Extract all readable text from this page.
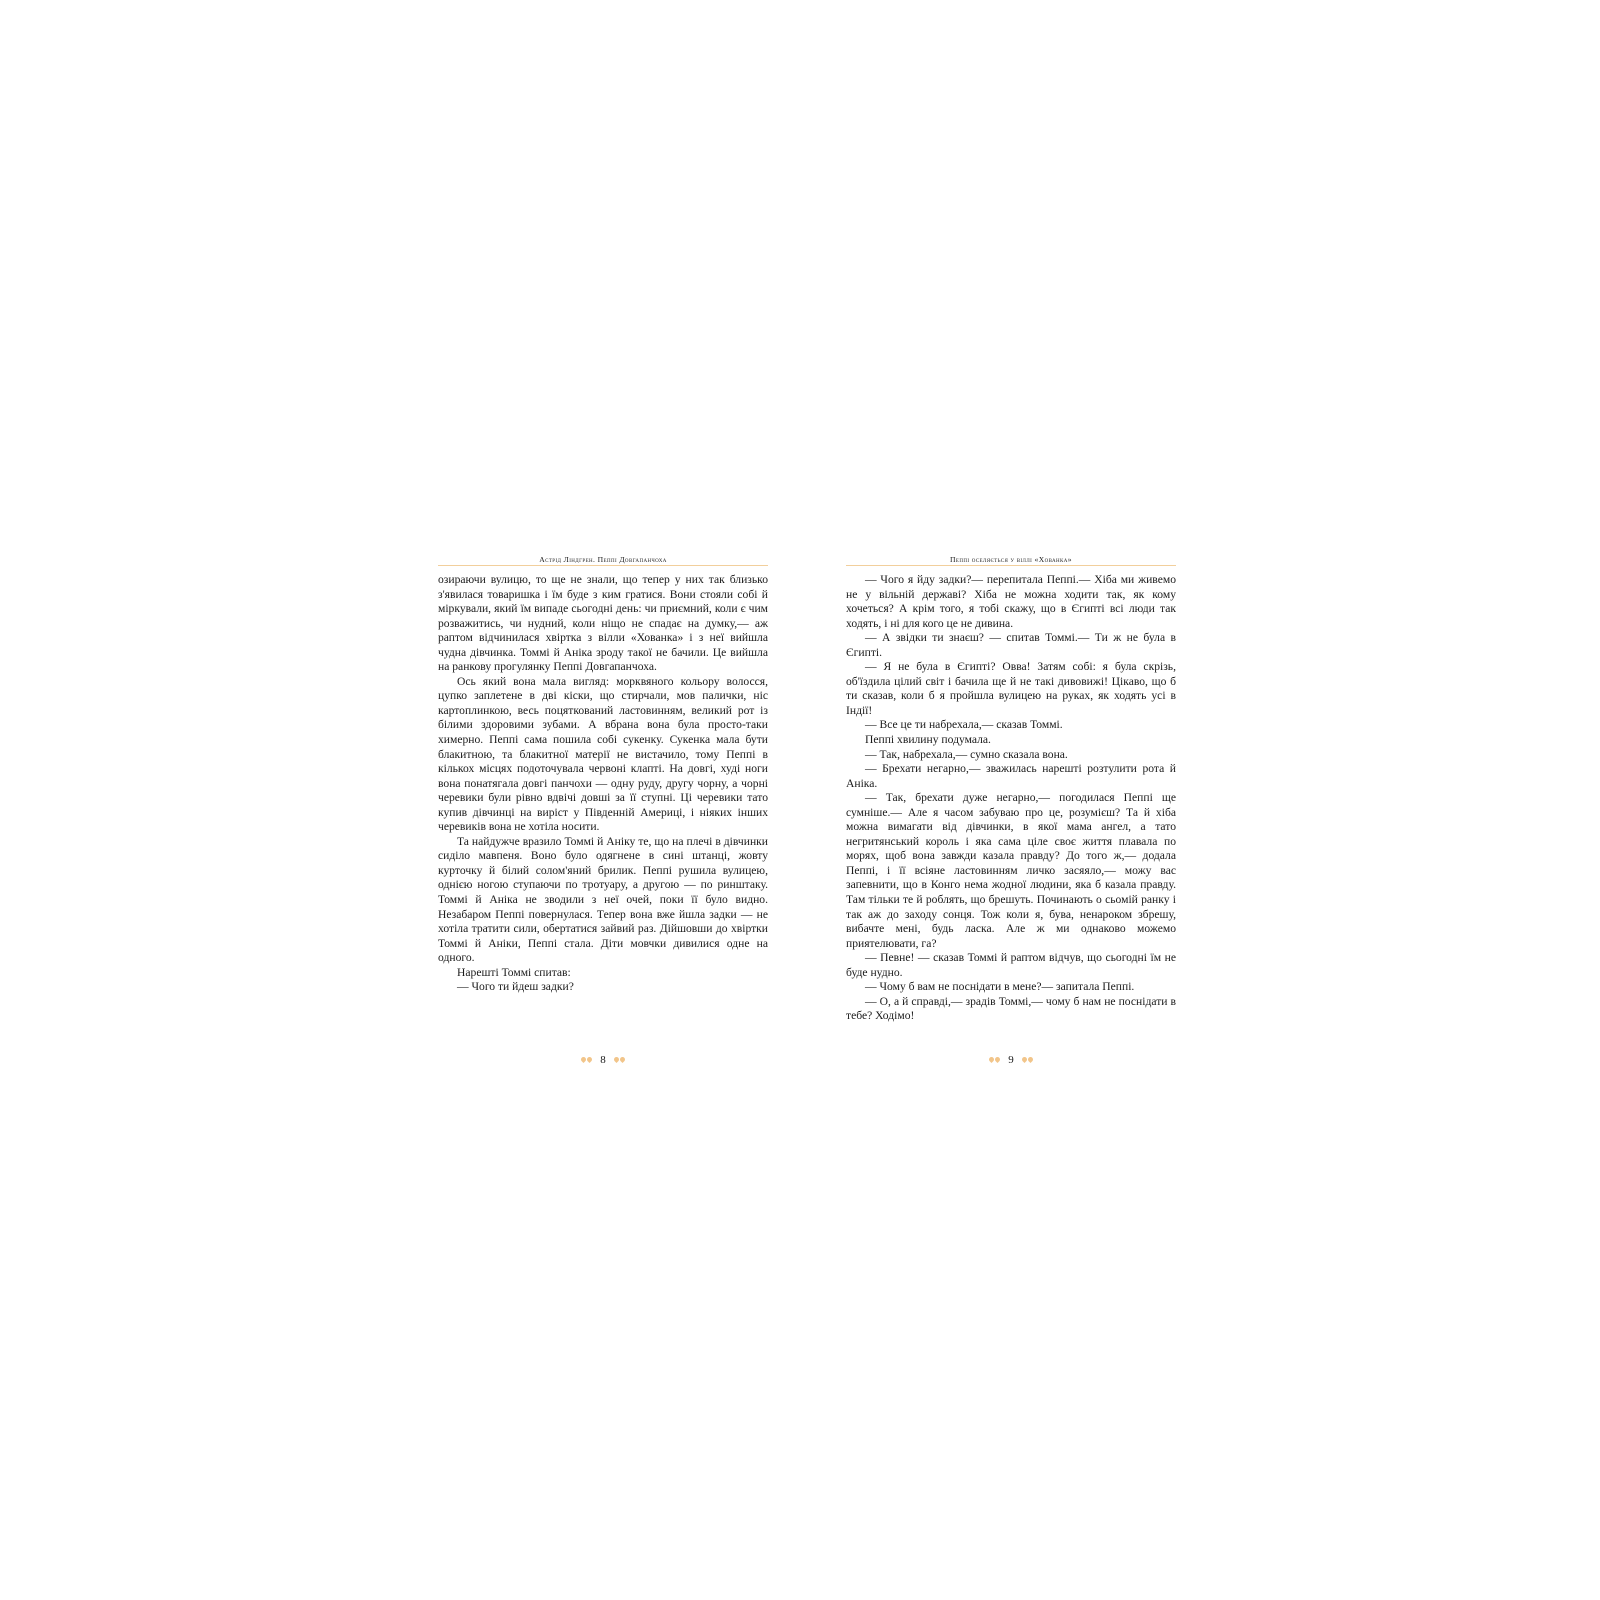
Астрід Ліндгрен. Пеппі Довгапанчоха

озираючи вулицю, то ще не знали, що тепер у них так близько з'явилася товаришка і їм буде з ким гратися. Вони стояли собі й міркували, який їм випаде сьогодні день: чи приємний, коли є чим розважитись, чи нудний, коли ніщо не спадає на думку,— аж раптом відчинилася хвіртка з вілли «Хованка» і з неї вийшла чудна дівчинка. Томмі й Аніка зроду такої не бачили. Це вийшла на ранкову прогулянку Пеппі Довгапанчоха.

Ось який вона мала вигляд: морквяного кольору волосся, цупко заплетене в дві кіски, що стирчали, мов палички, ніс картоплинкою, весь поцяткований ластовинням, великий рот із білими здоровими зубами. А вбрана вона була просто-таки химерно. Пеппі сама пошила собі сукенку. Сукенка мала бути блакитною, та блакитної матерії не вистачило, тому Пеппі в кількох місцях подоточувала червоні клапті. На довгі, худі ноги вона понатягала довгі панчохи — одну руду, другу чорну, а чорні черевики були рівно вдвічі довші за її ступні. Ці черевики тато купив дівчинці на виріст у Південній Америці, і ніяких інших черевиків вона не хотіла носити.

Та найдужче вразило Томмі й Аніку те, що на плечі в дівчинки сиділо мавпеня. Воно було одягнене в сині штанці, жовту курточку й білий солом'яний брилик. Пеппі рушила вулицею, однією ногою ступаючи по тротуару, а другою — по ринштаку. Томмі й Аніка не зводили з неї очей, поки її було видно. Незабаром Пеппі повернулася. Тепер вона вже йшла задки — не хотіла тратити сили, обертатися зайвий раз. Дійшовши до хвіртки Томмі й Аніки, Пеппі стала. Діти мовчки дивилися одне на одного.

Нарешті Томмі спитав:

— Чого ти йдеш задки?

8
Пеппі оселяється у віллі «Хованка»

— Чого я йду задки?— перепитала Пеппі.— Хіба ми живемо не у вільній державі? Хіба не можна ходити так, як кому хочеться? А крім того, я тобі скажу, що в Єгипті всі люди так ходять, і ні для кого це не дивина.

— А звідки ти знаєш? — спитав Томмі.— Ти ж не була в Єгипті.

— Я не була в Єгипті? Овва! Затям собі: я була скрізь, об'їздила цілий світ і бачила ще й не такі дивовижі! Цікаво, що б ти сказав, коли б я пройшла вулицею на руках, як ходять усі в Індії!

— Все це ти набрехала,— сказав Томмі.

Пеппі хвилину подумала.

— Так, набрехала,— сумно сказала вона.

— Брехати негарно,— зважилась нарешті розтулити рота й Аніка.

— Так, брехати дуже негарно,— погодилася Пеппі ще сумніше.— Але я часом забуваю про це, розумієш? Та й хіба можна вимагати від дівчинки, в якої мама ангел, а тато негритянський король і яка сама ціле своє життя плавала по морях, щоб вона завжди казала правду? До того ж,— додала Пеппі, і її всіяне ластовинням личко засяяло,— можу вас запевнити, що в Конго нема жодної людини, яка б казала правду. Там тільки те й роблять, що брешуть. Починають о сьомій ранку і так аж до заходу сонця. Тож коли я, бува, ненароком збрешу, вибачте мені, будь ласка. Але ж ми однаково можемо приятелювати, га?

— Певне! — сказав Томмі й раптом відчув, що сьогодні їм не буде нудно.

— Чому б вам не поснідати в мене?— запитала Пеппі.

— О, а й справді,— зрадів Томмі,— чому б нам не поснідати в тебе? Ходімо!

9
